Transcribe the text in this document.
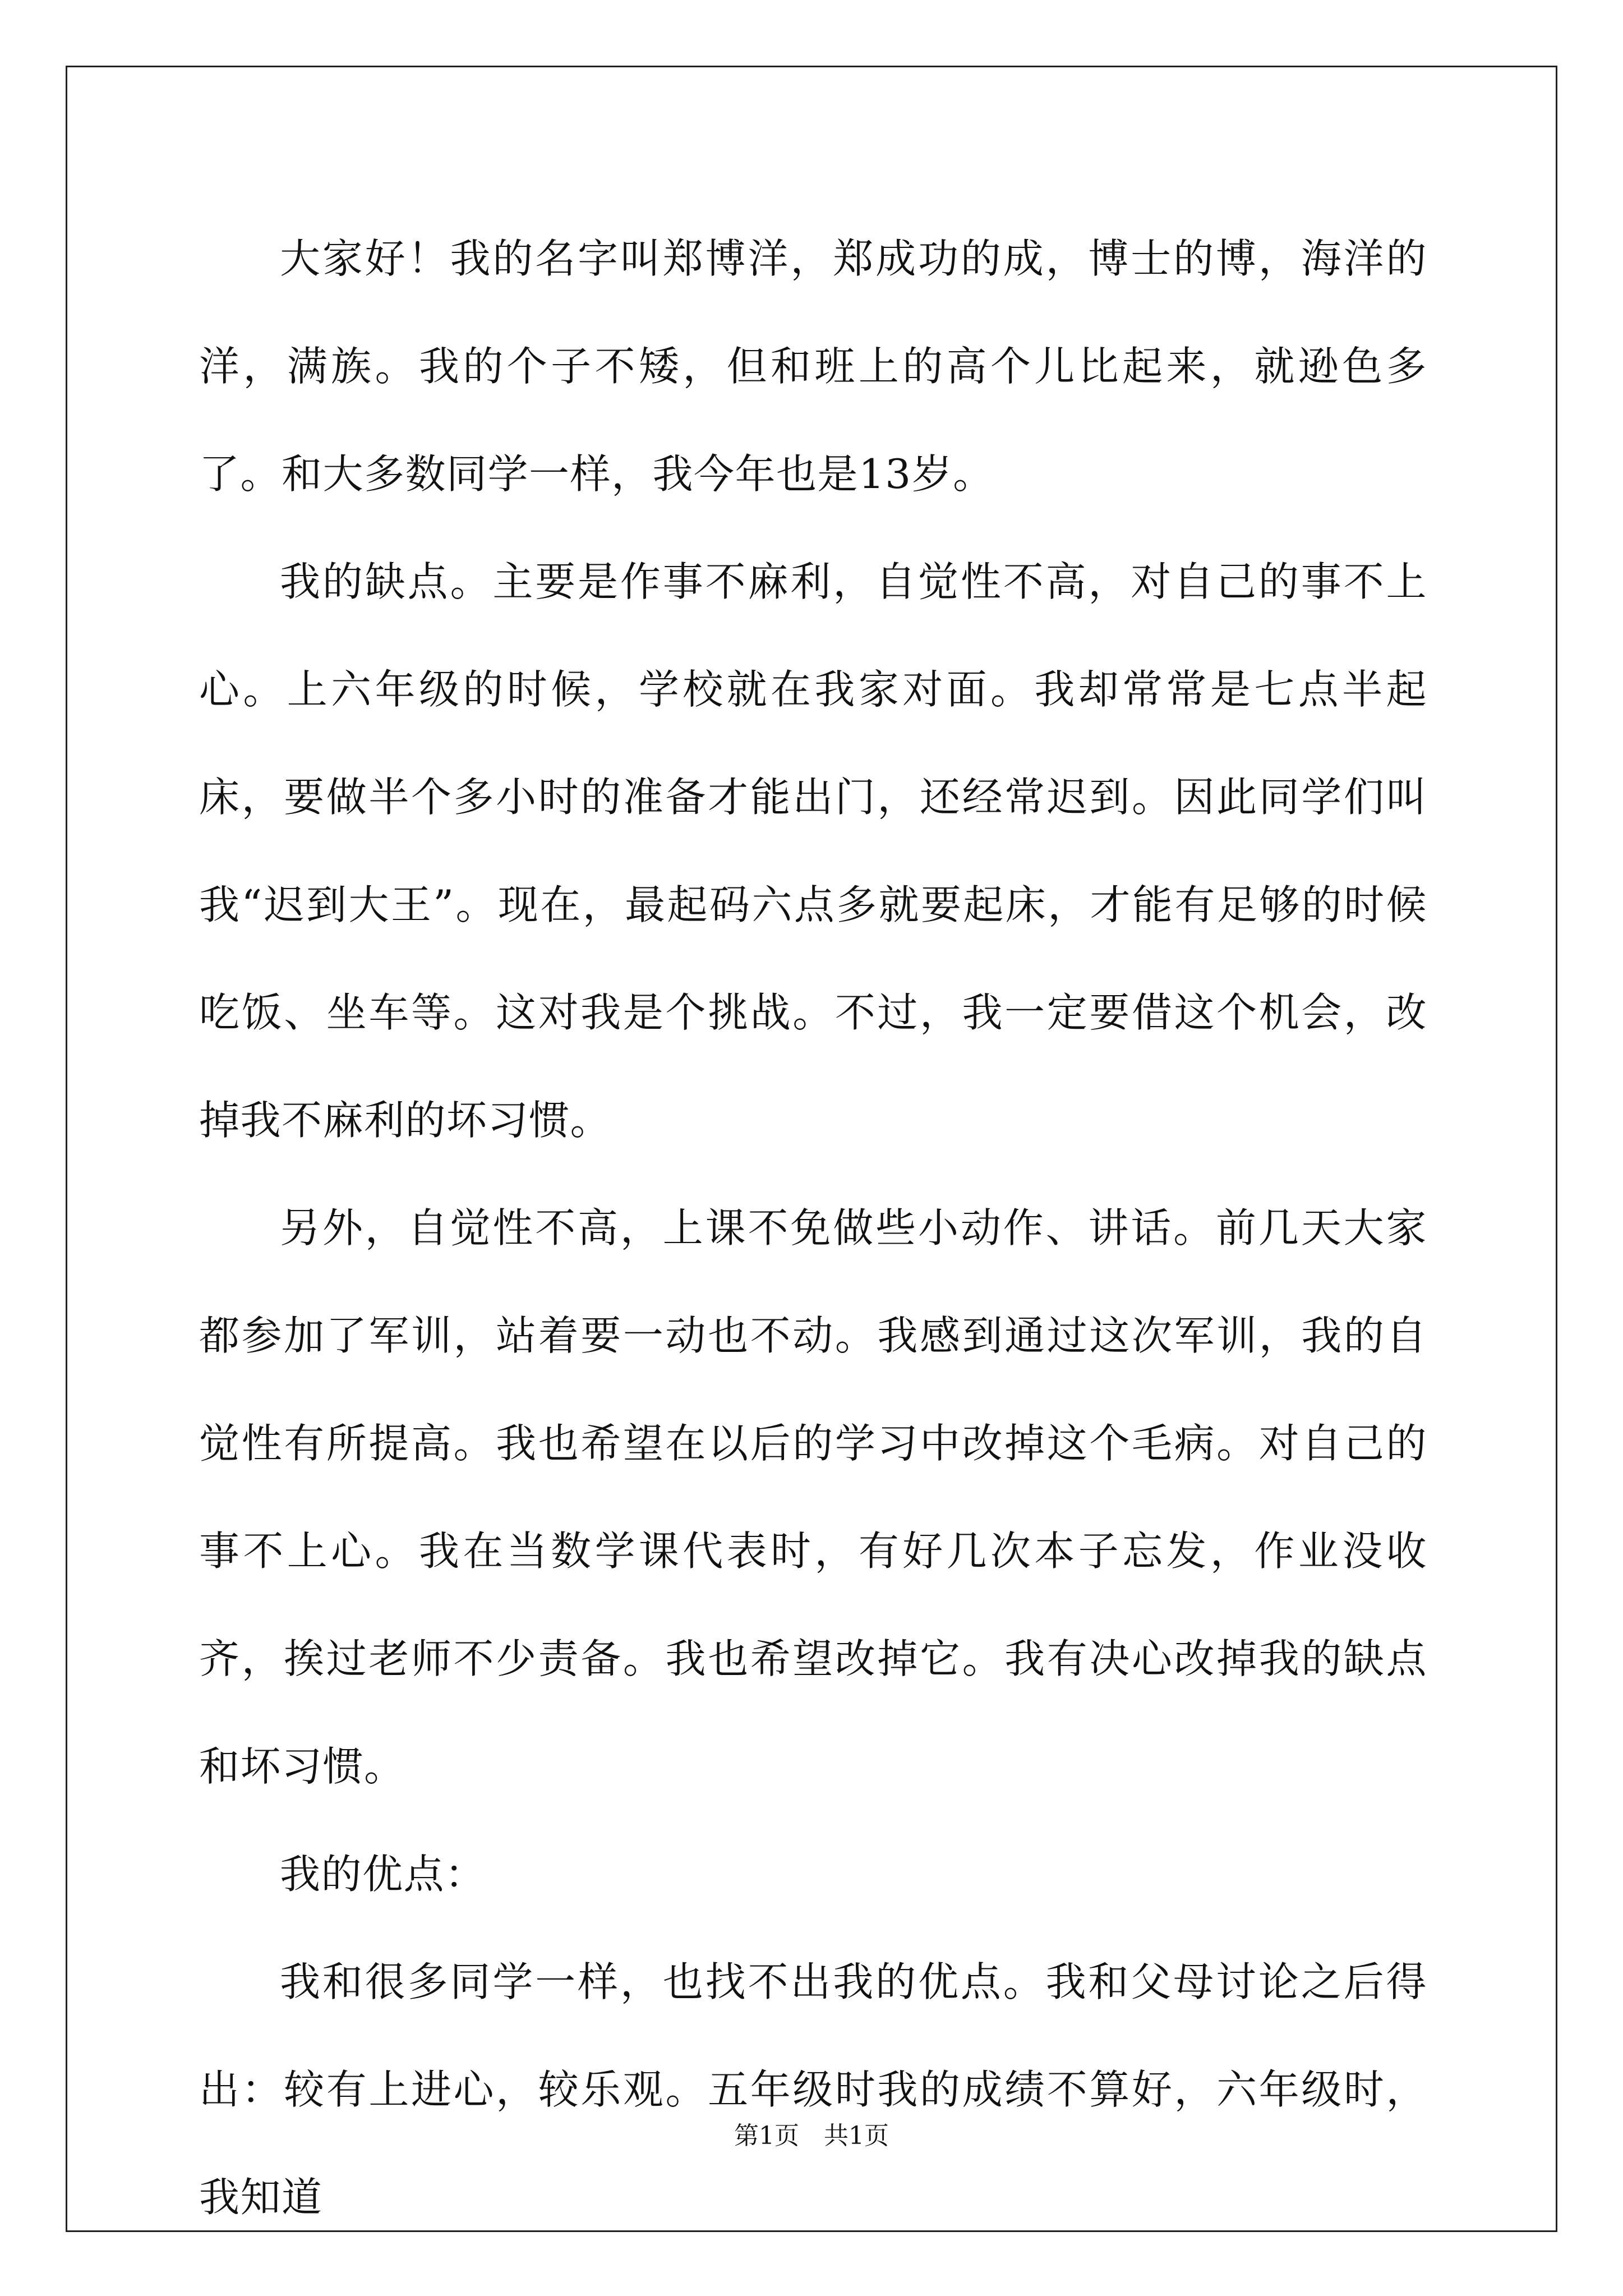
大家好！我的名字叫郑博洋，郑成功的成，博士的博，海洋的洋，满族。我的个子不矮，但和班上的高个儿比起来，就逊色多了。和大多数同学一样，我今年也是13岁。

我的缺点。主要是作事不麻利，自觉性不高，对自己的事不上心。上六年级的时候，学校就在我家对面。我却常常是七点半起床，要做半个多小时的准备才能出门，还经常迟到。因此同学们叫我“迟到大王”。现在，最起码六点多就要起床，才能有足够的时候吃饭、坐车等。这对我是个挑战。不过，我一定要借这个机会，改掉我不麻利的坏习惯。

另外，自觉性不高，上课不免做些小动作、讲话。前几天大家都参加了军训，站着要一动也不动。我感到通过这次军训，我的自觉性有所提高。我也希望在以后的学习中改掉这个毛病。对自己的事不上心。我在当数学课代表时，有好几次本子忘发，作业没收齐，挨过老师不少责备。我也希望改掉它。我有决心改掉我的缺点和坏习惯。

我的优点：

我和很多同学一样，也找不出我的优点。我和父母讨论之后得出：较有上进心，较乐观。五年级时我的成绩不算好，六年级时，我知道

第1页　共1页
